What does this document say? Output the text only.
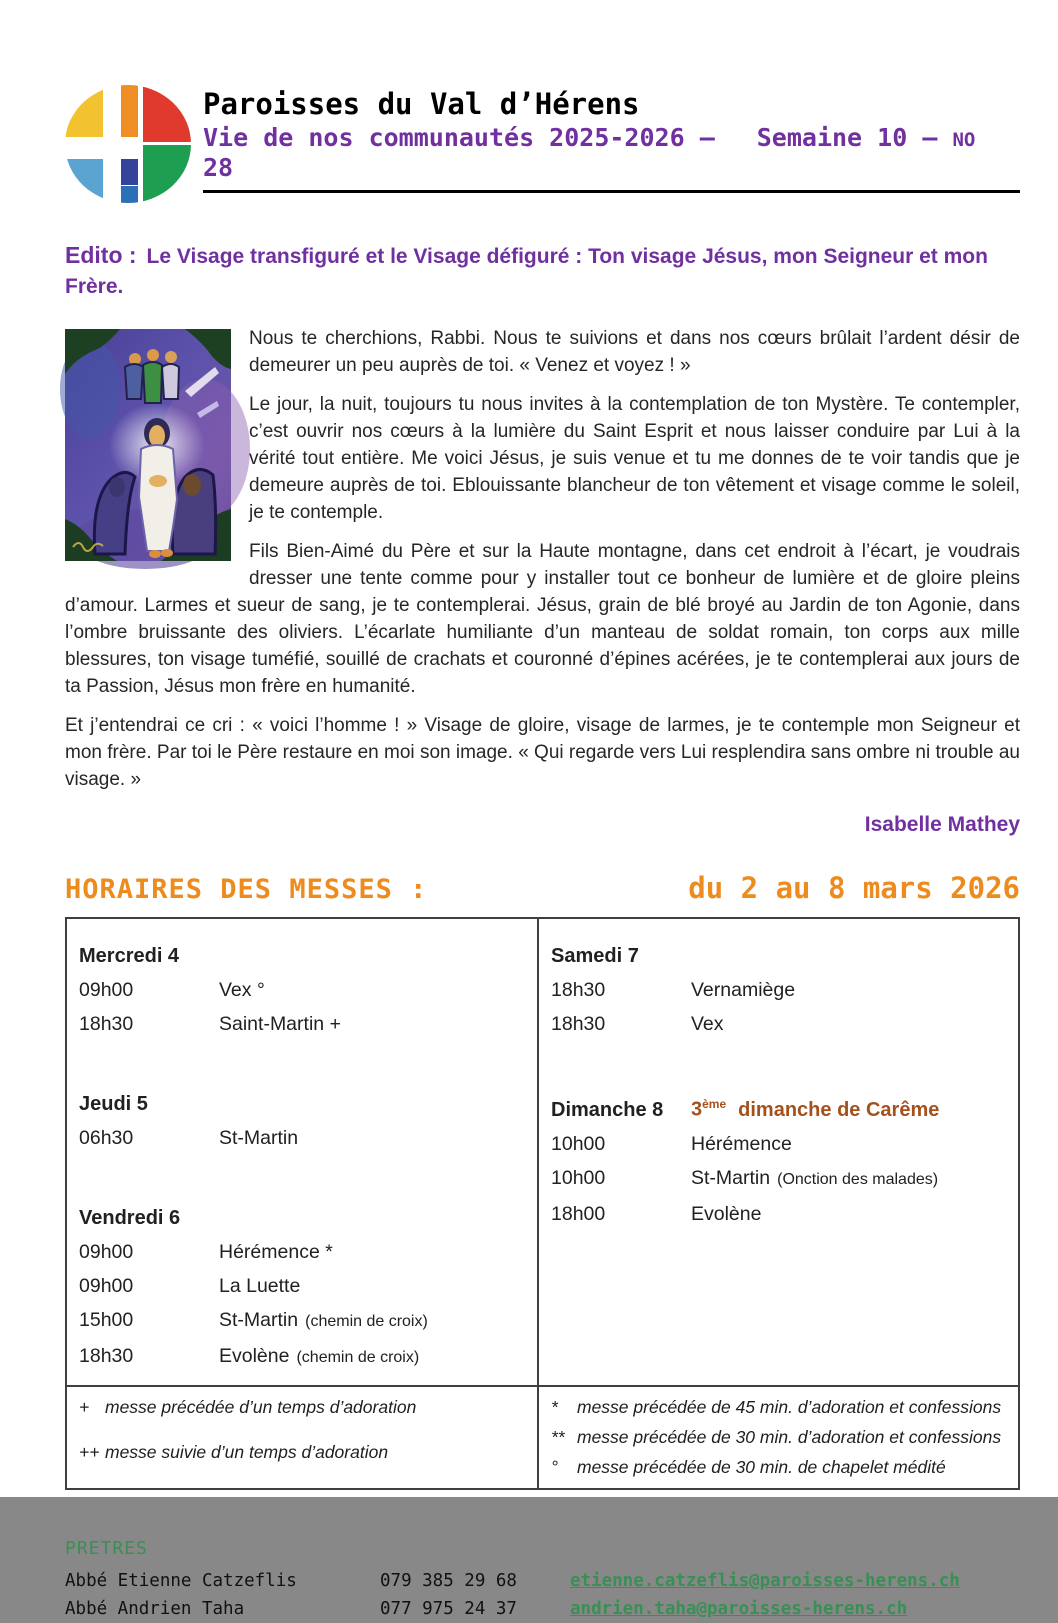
Paroisses du Val d’Hérens
Vie de nos communautés 2025-2026 – Semaine 10 – NO 28

Edito : Le Visage transfiguré et le Visage défiguré : Ton visage Jésus, mon Seigneur et mon Frère.

Nous te cherchions, Rabbi. Nous te suivions et dans nos cœurs brûlait l’ardent désir de demeurer un peu auprès de toi. « Venez et voyez ! »

Le jour, la nuit, toujours tu nous invites à la contemplation de ton Mystère. Te contempler, c’est ouvrir nos cœurs à la lumière du Saint Esprit et nous laisser conduire par Lui à la vérité tout entière. Me voici Jésus, je suis venue et tu me donnes de te voir tandis que je demeure auprès de toi. Eblouissante blancheur de ton vêtement et visage comme le soleil, je te contemple.

Fils Bien-Aimé du Père et sur la Haute montagne, dans cet endroit à l’écart, je voudrais dresser une tente comme pour y installer tout ce bonheur de lumière et de gloire pleins d’amour. Larmes et sueur de sang, je te contemplerai. Jésus, grain de blé broyé au Jardin de ton Agonie, dans l’ombre bruissante des oliviers. L’écarlate humiliante d’un manteau de soldat romain, ton corps aux mille blessures, ton visage tuméfié, souillé de crachats et couronné d’épines acérées, je te contemplerai aux jours de ta Passion, Jésus mon frère en humanité.

Et j’entendrai ce cri : « voici l’homme ! » Visage de gloire, visage de larmes, je te contemple mon Seigneur et mon frère. Par toi le Père restaure en moi son image. « Qui regarde vers Lui resplendira sans ombre ni trouble au visage. »

Isabelle Mathey

HORAIRES DES MESSES :	du 2 au 8 mars 2026
Mercredi 4
09h00	Vex °
18h30	Saint-Martin +
Jeudi 5
06h30	St-Martin
Vendredi 6
09h00	Hérémence *
09h00	La Luette
15h00	St-Martin (chemin de croix)
18h30	Evolène (chemin de croix)
Samedi 7
18h30	Vernamiège
18h30	Vex
Dimanche 8	3ème dimanche de Carême
10h00	Hérémence
10h00	St-Martin (Onction des malades)
18h00	Evolène
+ messe précédée d’un temps d’adoration
++ messe suivie d’un temps d’adoration
*	messe précédée de 45 min. d’adoration et confessions
** messe précédée de 30 min. d’adoration et confessions
°	messe précédée de 30 min. de chapelet médité
PRETRES
Abbé Etienne Catzeflis	079 385 29 68	etienne.catzeflis@paroisses-herens.ch
Abbé Andrien Taha	077 975 24 37	andrien.taha@paroisses-herens.ch
